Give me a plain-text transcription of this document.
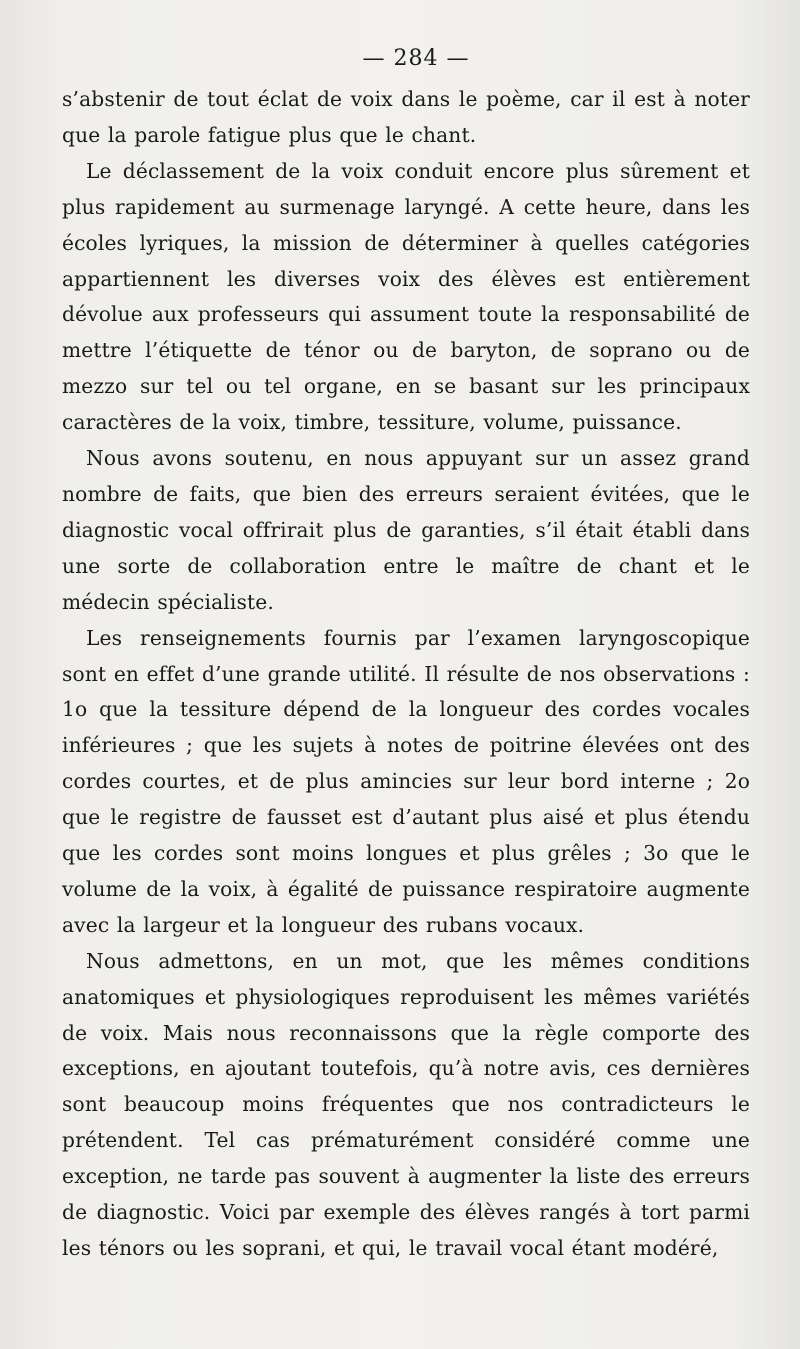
— 284 —

s’abstenir de tout éclat de voix dans le poème, car il est à noter que la parole fatigue plus que le chant.

Le déclassement de la voix conduit encore plus sûrement et plus rapidement au surmenage laryngé. A cette heure, dans les écoles lyriques, la mission de déterminer à quelles catégories appartiennent les diverses voix des élèves est entièrement dévolue aux professeurs qui assument toute la responsabilité de mettre l’étiquette de ténor ou de baryton, de soprano ou de mezzo sur tel ou tel organe, en se basant sur les principaux caractères de la voix, timbre, tessiture, volume, puissance.

Nous avons soutenu, en nous appuyant sur un assez grand nombre de faits, que bien des erreurs seraient évitées, que le diagnostic vocal offrirait plus de garanties, s’il était établi dans une sorte de collaboration entre le maître de chant et le médecin spécialiste.

Les renseignements fournis par l’examen laryngoscopique sont en effet d’une grande utilité. Il résulte de nos observations : 1o que la tessiture dépend de la longueur des cordes vocales inférieures ; que les sujets à notes de poitrine élevées ont des cordes courtes, et de plus amincies sur leur bord interne ; 2o que le registre de fausset est d’autant plus aisé et plus étendu que les cordes sont moins longues et plus grêles ; 3o que le volume de la voix, à égalité de puissance respiratoire augmente avec la largeur et la longueur des rubans vocaux.

Nous admettons, en un mot, que les mêmes conditions anatomiques et physiologiques reproduisent les mêmes variétés de voix. Mais nous reconnaissons que la règle comporte des exceptions, en ajoutant toutefois, qu’à notre avis, ces dernières sont beaucoup moins fréquentes que nos contradicteurs le prétendent. Tel cas prématurément considéré comme une exception, ne tarde pas souvent à augmenter la liste des erreurs de diagnostic. Voici par exemple des élèves rangés à tort parmi les ténors ou les soprani, et qui, le travail vocal étant modéré,
